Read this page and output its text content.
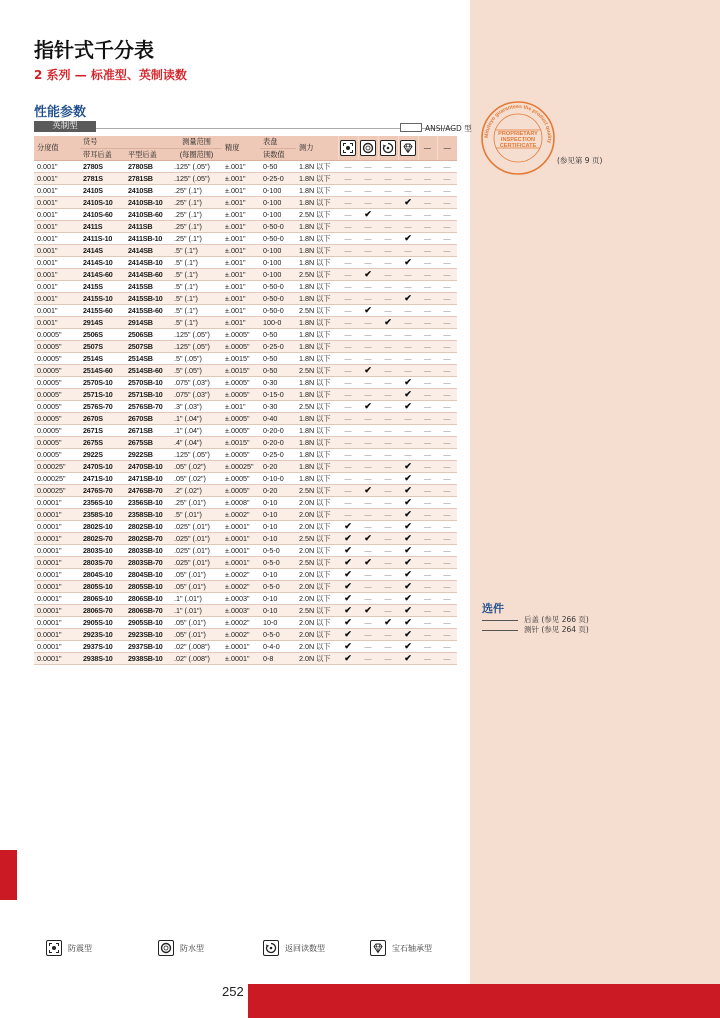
指针式千分表
2 系列 — 标准型、英制读数
性能参数
英制型	ANSI/AGD 型
分度值	货号		测量范围	精度	表盘	测力					—	—
	带耳后盖	平型后盖	(每圈范围)		读数值							
0.001"	2780S	2780SB	.125" (.05")	±.001"	0-50	1.8N 以下	—	—	—	—	—	—
0.001"	2781S	2781SB	.125" (.05")	±.001"	0-25-0	1.8N 以下	—	—	—	—	—	—
0.001"	2410S	2410SB	.25" (.1")	±.001"	0-100	1.8N 以下	—	—	—	—	—	—
0.001"	2410S-10	2410SB-10	.25" (.1")	±.001"	0-100	1.8N 以下	—	—	—	✔	—	—
0.001"	2410S-60	2410SB-60	.25" (.1")	±.001"	0-100	2.5N 以下	—	✔	—	—	—	—
0.001"	2411S	2411SB	.25" (.1")	±.001"	0-50-0	1.8N 以下	—	—	—	—	—	—
0.001"	2411S-10	2411SB-10	.25" (.1")	±.001"	0-50-0	1.8N 以下	—	—	—	✔	—	—
0.001"	2414S	2414SB	.5" (.1")	±.001"	0-100	1.8N 以下	—	—	—	—	—	—
0.001"	2414S-10	2414SB-10	.5" (.1")	±.001"	0-100	1.8N 以下	—	—	—	✔	—	—
0.001"	2414S-60	2414SB-60	.5" (.1")	±.001"	0-100	2.5N 以下	—	✔	—	—	—	—
0.001"	2415S	2415SB	.5" (.1")	±.001"	0-50-0	1.8N 以下	—	—	—	—	—	—
0.001"	2415S-10	2415SB-10	.5" (.1")	±.001"	0-50-0	1.8N 以下	—	—	—	✔	—	—
0.001"	2415S-60	2415SB-60	.5" (.1")	±.001"	0-50-0	2.5N 以下	—	✔	—	—	—	—
0.001"	2914S	2914SB	.5" (.1")	±.001"	100-0	1.8N 以下	—	—	✔	—	—	—
0.0005"	2506S	2506SB	.125" (.05")	±.0005"	0-50	1.8N 以下	—	—	—	—	—	—
0.0005"	2507S	2507SB	.125" (.05")	±.0005"	0-25-0	1.8N 以下	—	—	—	—	—	—
0.0005"	2514S	2514SB	.5" (.05")	±.0015"	0-50	1.8N 以下	—	—	—	—	—	—
0.0005"	2514S-60	2514SB-60	.5" (.05")	±.0015"	0-50	2.5N 以下	—	✔	—	—	—	—
0.0005"	2570S-10	2570SB-10	.075" (.03")	±.0005"	0-30	1.8N 以下	—	—	—	✔	—	—
0.0005"	2571S-10	2571SB-10	.075" (.03")	±.0005"	0-15-0	1.8N 以下	—	—	—	✔	—	—
0.0005"	2576S-70	2576SB-70	.3" (.03")	±.001"	0-30	2.5N 以下	—	✔	—	✔	—	—
0.0005"	2670S	2670SB	.1" (.04")	±.0005"	0-40	1.8N 以下	—	—	—	—	—	—
0.0005"	2671S	2671SB	.1" (.04")	±.0005"	0-20-0	1.8N 以下	—	—	—	—	—	—
0.0005"	2675S	2675SB	.4" (.04")	±.0015"	0-20-0	1.8N 以下	—	—	—	—	—	—
0.0005"	2922S	2922SB	.125" (.05")	±.0005"	0-25-0	1.8N 以下	—	—	—	—	—	—
0.00025"	2470S-10	2470SB-10	.05" (.02")	±.00025"	0-20	1.8N 以下	—	—	—	✔	—	—
0.00025"	2471S-10	2471SB-10	.05" (.02")	±.0005"	0-10-0	1.8N 以下	—	—	—	✔	—	—
0.00025"	2476S-70	2476SB-70	.2" (.02")	±.0005"	0-20	2.5N 以下	—	✔	—	✔	—	—
0.0001"	2356S-10	2356SB-10	.25" (.01")	±.0008"	0-10	2.0N 以下	—	—	—	✔	—	—
0.0001"	2358S-10	2358SB-10	.5" (.01")	±.0002"	0-10	2.0N 以下	—	—	—	✔	—	—
0.0001"	2802S-10	2802SB-10	.025" (.01")	±.0001"	0-10	2.0N 以下	✔	—	—	✔	—	—
0.0001"	2802S-70	2802SB-70	.025" (.01")	±.0001"	0-10	2.5N 以下	✔	✔	—	✔	—	—
0.0001"	2803S-10	2803SB-10	.025" (.01")	±.0001"	0-5-0	2.0N 以下	✔	—	—	✔	—	—
0.0001"	2803S-70	2803SB-70	.025" (.01")	±.0001"	0-5-0	2.5N 以下	✔	✔	—	✔	—	—
0.0001"	2804S-10	2804SB-10	.05" (.01")	±.0002"	0-10	2.0N 以下	✔	—	—	✔	—	—
0.0001"	2805S-10	2805SB-10	.05" (.01")	±.0002"	0-5-0	2.0N 以下	✔	—	—	✔	—	—
0.0001"	2806S-10	2806SB-10	.1" (.01")	±.0003"	0-10	2.0N 以下	✔	—	—	✔	—	—
0.0001"	2806S-70	2806SB-70	.1" (.01")	±.0003"	0-10	2.5N 以下	✔	✔	—	✔	—	—
0.0001"	2905S-10	2905SB-10	.05" (.01")	±.0002"	10-0	2.0N 以下	✔	—	✔	✔	—	—
0.0001"	2923S-10	2923SB-10	.05" (.01")	±.0002"	0-5-0	2.0N 以下	✔	—	—	✔	—	—
0.0001"	2937S-10	2937SB-10	.02" (.008")	±.0001"	0-4-0	2.0N 以下	✔	—	—	✔	—	—
0.0001"	2938S-10	2938SB-10	.02" (.008")	±.0001"	0-8	2.0N 以下	✔	—	—	✔	—	—
Mitutoyo guarantees the product quality
PROPRIETARY
INSPECTION
CERTIFICATE
(参见第 9 页)
选件
后盖 (参见 266 页)
测针 (参见 264 页)
防震型	防水型	返回读数型	宝石轴承型
252
